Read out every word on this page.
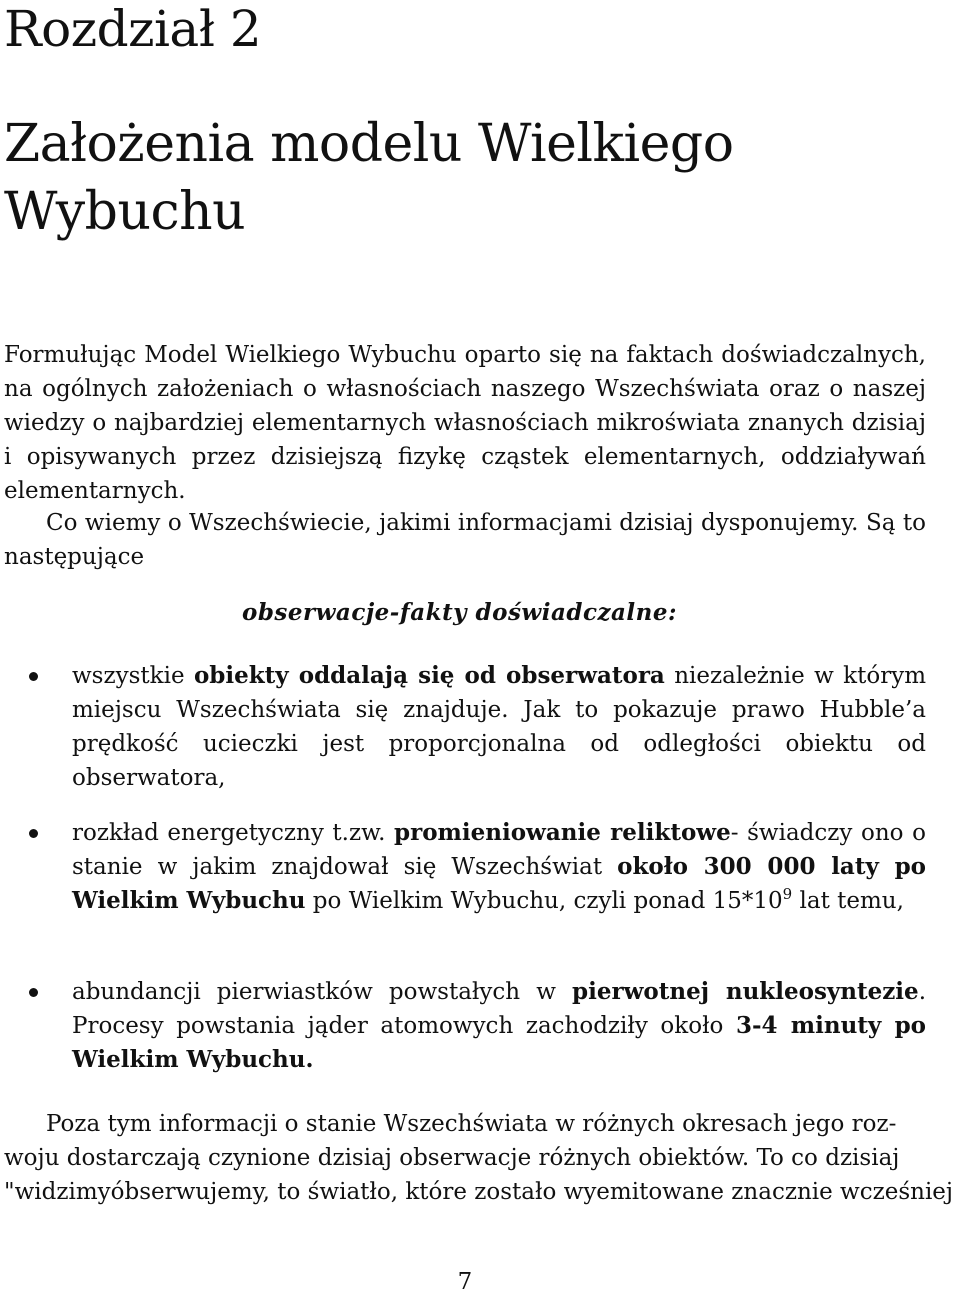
Rozdział 2
Założenia modelu Wielkiego Wybuchu

Formułując Model Wielkiego Wybuchu oparto się na faktach doświadczalnych, na ogólnych założeniach o własnościach naszego Wszechświata oraz o naszej wiedzy o najbardziej elementarnych własnościach mikroświata znanych dzisiaj i opisywanych przez dzisiejszą fizykę cząstek elementarnych, oddziaływań elementarnych.

Co wiemy o Wszechświecie, jakimi informacjami dzisiaj dysponujemy. Są to następujące

obserwacje-fakty doświadczalne:
wszystkie obiekty oddalają się od obserwatora niezależnie w którym miejscu Wszechświata się znajduje. Jak to pokazuje prawo Hubble’a prędkość ucieczki jest proporcjonalna od odległości obiektu od obserwatora,
rozkład energetyczny t.zw. promieniowanie reliktowe- świadczy ono o stanie w jakim znajdował się Wszechświat około 300 000 laty po Wielkim Wybuchu po Wielkim Wybuchu, czyli ponad $15*10^9$ lat temu,
abundancji pierwiastków powstałych w pierwotnej nukleosyntezie. Procesy powstania jąder atomowych zachodziły około 3-4 minuty po Wielkim Wybuchu.

Poza tym informacji o stanie Wszechświata w różnych okresach jego roz-
woju dostarczają czynione dzisiaj obserwacje różnych obiektów. To co dzisiaj
"widzimyóbserwujemy, to światło, które zostało wyemitowane znacznie wcześniej

7
